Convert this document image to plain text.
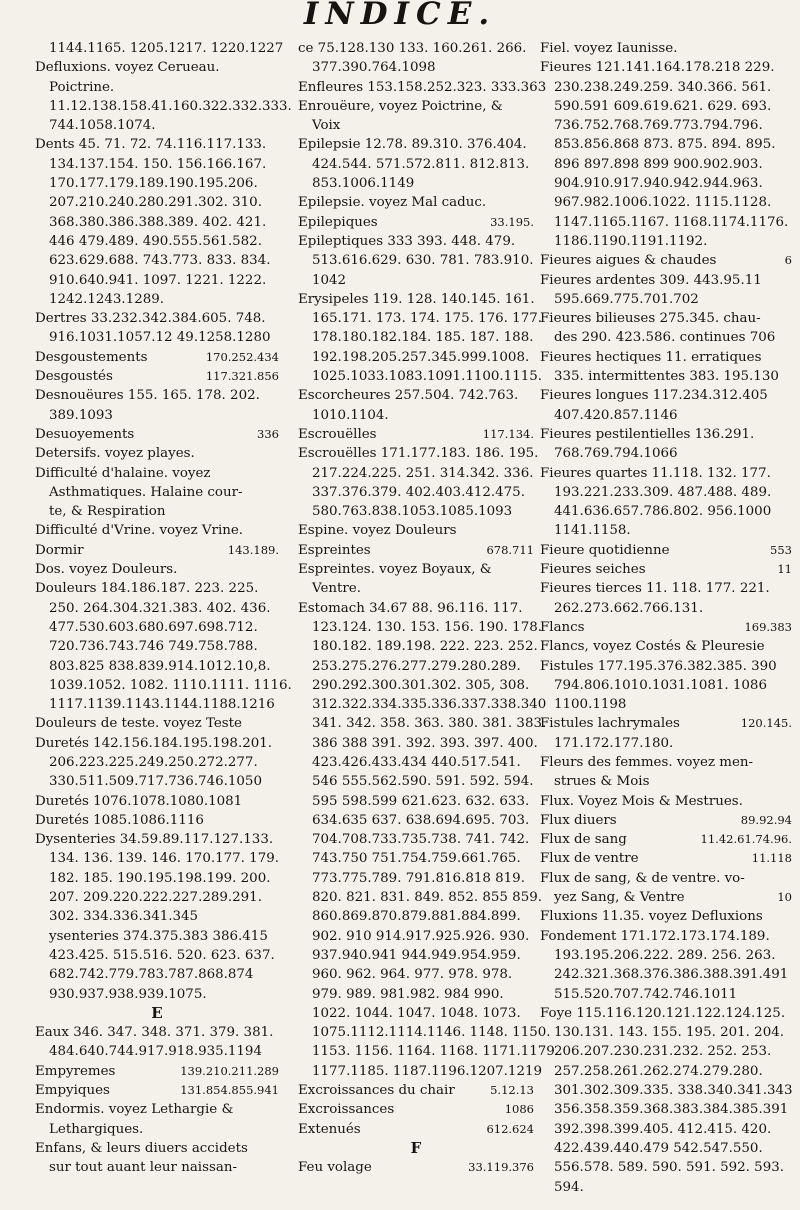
INDICE.
1144.1165. 1205.1217. 1220.1227
Defluxions. voyez Cerueau.
Poictrine.
11.12.138.158.41.160.322.332.333.
744.1058.1074.
Dents 45. 71. 72. 74.116.117.133.
134.137.154. 150. 156.166.167.
170.177.179.189.190.195.206.
207.210.240.280.291.302. 310.
368.380.386.388.389. 402. 421.
446 479.489. 490.555.561.582.
623.629.688. 743.773. 833. 834.
910.640.941. 1097. 1221. 1222.
1242.1243.1289.
Dertres 33.232.342.384.605. 748.
916.1031.1057.12 49.1258.1280
Desgoustements	170.252.434
Desgoustés	117.321.856
Desnouëures 155. 165. 178. 202.
389.1093
Desuoyements	336
Detersifs. voyez playes.
Difficulté d'halaine. voyez
Asthmatiques. Halaine cour-
te, & Respiration
Difficulté d'Vrine. voyez Vrine.
Dormir	143.189.
Dos. voyez Douleurs.
Douleurs 184.186.187. 223. 225.
250. 264.304.321.383. 402. 436.
477.530.603.680.697.698.712.
720.736.743.746 749.758.788.
803.825 838.839.914.1012.10,8.
1039.1052. 1082. 1110.1111. 1116.
1117.1139.1143.1144.1188.1216
Douleurs de teste. voyez Teste
Duretés 142.156.184.195.198.201.
206.223.225.249.250.272.277.
330.511.509.717.736.746.1050
Duretés 1076.1078.1080.1081
Duretés 1085.1086.1116
Dysenteries 34.59.89.117.127.133.
134. 136. 139. 146. 170.177. 179.
182. 185. 190.195.198.199. 200.
207. 209.220.222.227.289.291.
302. 334.336.341.345
ysenteries 374.375.383 386.415
423.425. 515.516. 520. 623. 637.
682.742.779.783.787.868.874
930.937.938.939.1075.
E
Eaux 346. 347. 348. 371. 379. 381.
484.640.744.917.918.935.1194
Empyremes	139.210.211.289
Empyiques	131.854.855.941
Endormis. voyez Lethargie &
Lethargiques.
Enfans, & leurs diuers accidets
sur tout auant leur naissan-
ce 75.128.130 133. 160.261. 266.
377.390.764.1098
Enfleures 153.158.252.323. 333.363
Enrouëure, voyez Poictrine, &
Voix
Epilepsie 12.78. 89.310. 376.404.
424.544. 571.572.811. 812.813.
853.1006.1149
Epilepsie. voyez Mal caduc.
Epilepiques	33.195.
Epileptiques 333 393. 448. 479.
513.616.629. 630. 781. 783.910.
1042
Erysipeles 119. 128. 140.145. 161.
165.171. 173. 174. 175. 176. 177.
178.180.182.184. 185. 187. 188.
192.198.205.257.345.999.1008.
1025.1033.1083.1091.1100.1115.
Escorcheures 257.504. 742.763.
1010.1104.
Escrouëlles	117.134.
Escrouëlles 171.177.183. 186. 195.
217.224.225. 251. 314.342. 336.
337.376.379. 402.403.412.475.
580.763.838.1053.1085.1093
Espine. voyez Douleurs
Espreintes	678.711
Espreintes. voyez Boyaux, &
Ventre.
Estomach 34.67 88. 96.116. 117.
123.124. 130. 153. 156. 190. 178.
180.182. 189.198. 222. 223. 252.
253.275.276.277.279.280.289.
290.292.300.301.302. 305, 308.
312.322.334.335.336.337.338.340
341. 342. 358. 363. 380. 381. 383.
386 388 391. 392. 393. 397. 400.
423.426.433.434 440.517.541.
546 555.562.590. 591. 592. 594.
595 598.599 621.623. 632. 633.
634.635 637. 638.694.695. 703.
704.708.733.735.738. 741. 742.
743.750 751.754.759.661.765.
773.775.789. 791.816.818 819.
820. 821. 831. 849. 852. 855 859.
860.869.870.879.881.884.899.
902. 910 914.917.925.926. 930.
937.940.941 944.949.954.959.
960. 962. 964. 977. 978. 978.
979. 989. 981.982. 984 990.
1022. 1044. 1047. 1048. 1073.
1075.1112.1114.1146. 1148. 1150.
1153. 1156. 1164. 1168. 1171.1179.
1177.1185. 1187.1196.1207.1219
Excroissances du chair	5.12.13
Excroissances	1086
Extenués	612.624
F
Feu volage	33.119.376
Fiel. voyez Iaunisse.
Fieures 121.141.164.178.218 229.
230.238.249.259. 340.366. 561.
590.591 609.619.621. 629. 693.
736.752.768.769.773.794.796.
853.856.868 873. 875. 894. 895.
896 897.898 899 900.902.903.
904.910.917.940.942.944.963.
967.982.1006.1022. 1115.1128.
1147.1165.1167. 1168.1174.1176.
1186.1190.1191.1192.
Fieures aigues & chaudes	6
Fieures ardentes 309. 443.95.11
595.669.775.701.702
Fieures bilieuses 275.345. chau-
des 290. 423.586. continues 706
Fieures hectiques 11. erratiques
335. intermittentes 383. 195.130
Fieures longues 117.234.312.405
407.420.857.1146
Fieures pestilentielles 136.291.
768.769.794.1066
Fieures quartes 11.118. 132. 177.
193.221.233.309. 487.488. 489.
441.636.657.786.802. 956.1000
1141.1158.
Fieure quotidienne	553
Fieures seiches	11
Fieures tierces 11. 118. 177. 221.
262.273.662.766.131.
Flancs	169.383
Flancs, voyez Costés & Pleuresie
Fistules 177.195.376.382.385. 390
794.806.1010.1031.1081. 1086
1100.1198
Fistules lachrymales	120.145.
171.172.177.180.
Fleurs des femmes. voyez men-
strues & Mois
Flux. Voyez Mois & Mestrues.
Flux diuers	89.92.94
Flux de sang	11.42.61.74.96.
Flux de ventre	11.118
Flux de sang, & de ventre. vo-
yez Sang, & Ventre	10
Fluxions 11.35. voyez Defluxions
Fondement 171.172.173.174.189.
193.195.206.222. 289. 256. 263.
242.321.368.376.386.388.391.491
515.520.707.742.746.1011
Foye 115.116.120.121.122.124.125.
130.131. 143. 155. 195. 201. 204.
206.207.230.231.232. 252. 253.
257.258.261.262.274.279.280.
301.302.309.335. 338.340.341.343
356.358.359.368.383.384.385.391
392.398.399.405. 412.415. 420.
422.439.440.479 542.547.550.
556.578. 589. 590. 591. 592. 593.
594.
